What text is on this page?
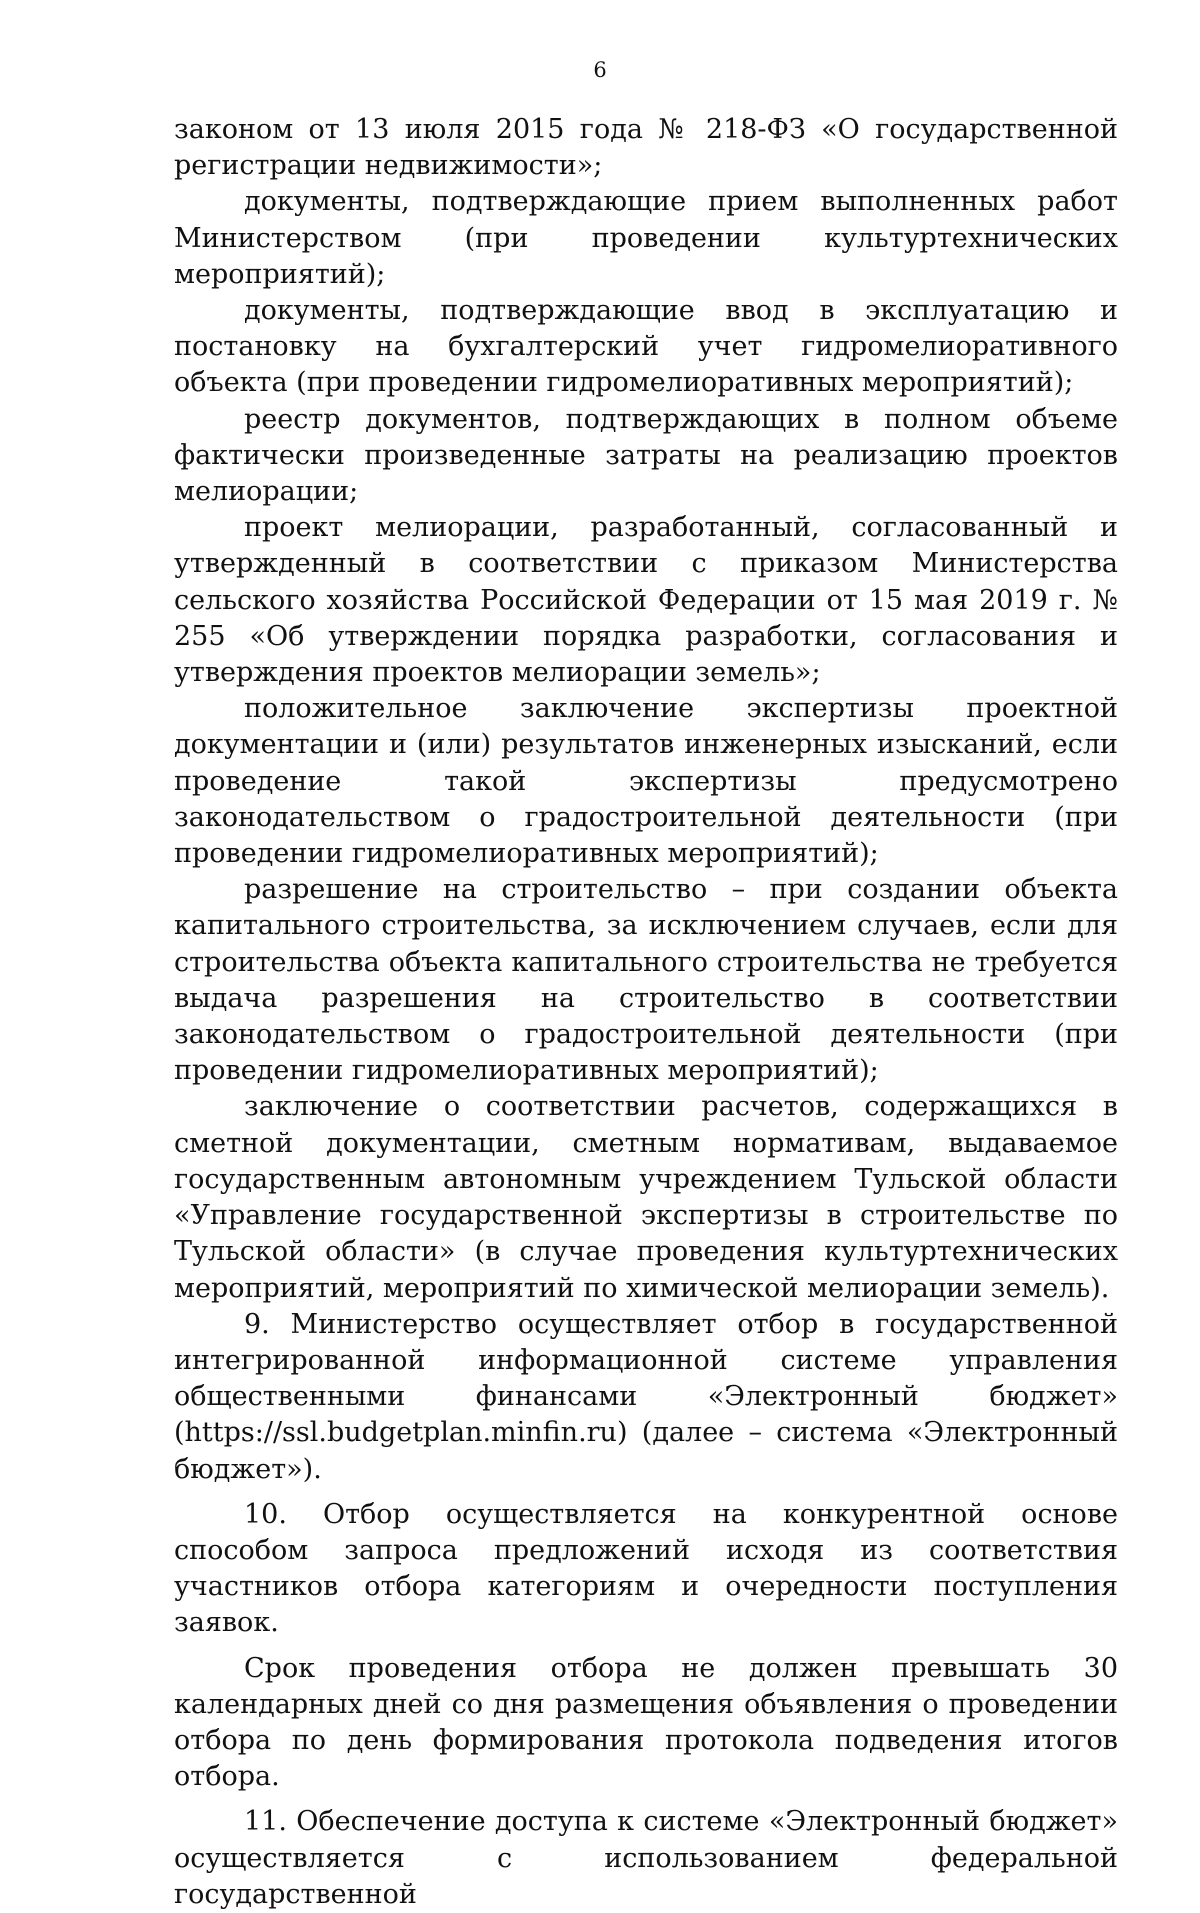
6

законом от 13 июля 2015 года № 218-ФЗ «О государственной регистрации недвижимости»;

документы, подтверждающие прием выполненных работ Министерством (при проведении культуртехнических мероприятий);

документы, подтверждающие ввод в эксплуатацию и постановку на бухгалтерский учет гидромелиоративного объекта (при проведении гидромелиоративных мероприятий);

реестр документов, подтверждающих в полном объеме фактически произведенные затраты на реализацию проектов мелиорации;

проект мелиорации, разработанный, согласованный и утвержденный в соответствии с приказом Министерства сельского хозяйства Российской Федерации от 15 мая 2019 г. № 255 «Об утверждении порядка разработки, согласования и утверждения проектов мелиорации земель»;

положительное заключение экспертизы проектной документации и (или) результатов инженерных изысканий, если проведение такой экспертизы предусмотрено законодательством о градостроительной деятельности (при проведении гидромелиоративных мероприятий);

разрешение на строительство – при создании объекта капитального строительства, за исключением случаев, если для строительства объекта капитального строительства не требуется выдача разрешения на строительство в соответствии законодательством о градостроительной деятельности (при проведении гидромелиоративных мероприятий);

заключение о соответствии расчетов, содержащихся в сметной документации, сметным нормативам, выдаваемое государственным автономным учреждением Тульской области «Управление государственной экспертизы в строительстве по Тульской области» (в случае проведения культуртехнических мероприятий, мероприятий по химической мелиорации земель).

9. Министерство осуществляет отбор в государственной интегрированной информационной системе управления общественными финансами «Электронный бюджет» (https://ssl.budgetplan.minfin.ru) (далее – система «Электронный бюджет»).

10. Отбор осуществляется на конкурентной основе способом запроса предложений исходя из соответствия участников отбора категориям и очередности поступления заявок.

Срок проведения отбора не должен превышать 30 календарных дней со дня размещения объявления о проведении отбора по день формирования протокола подведения итогов отбора.

11. Обеспечение доступа к системе «Электронный бюджет» осуществляется с использованием федеральной государственной
